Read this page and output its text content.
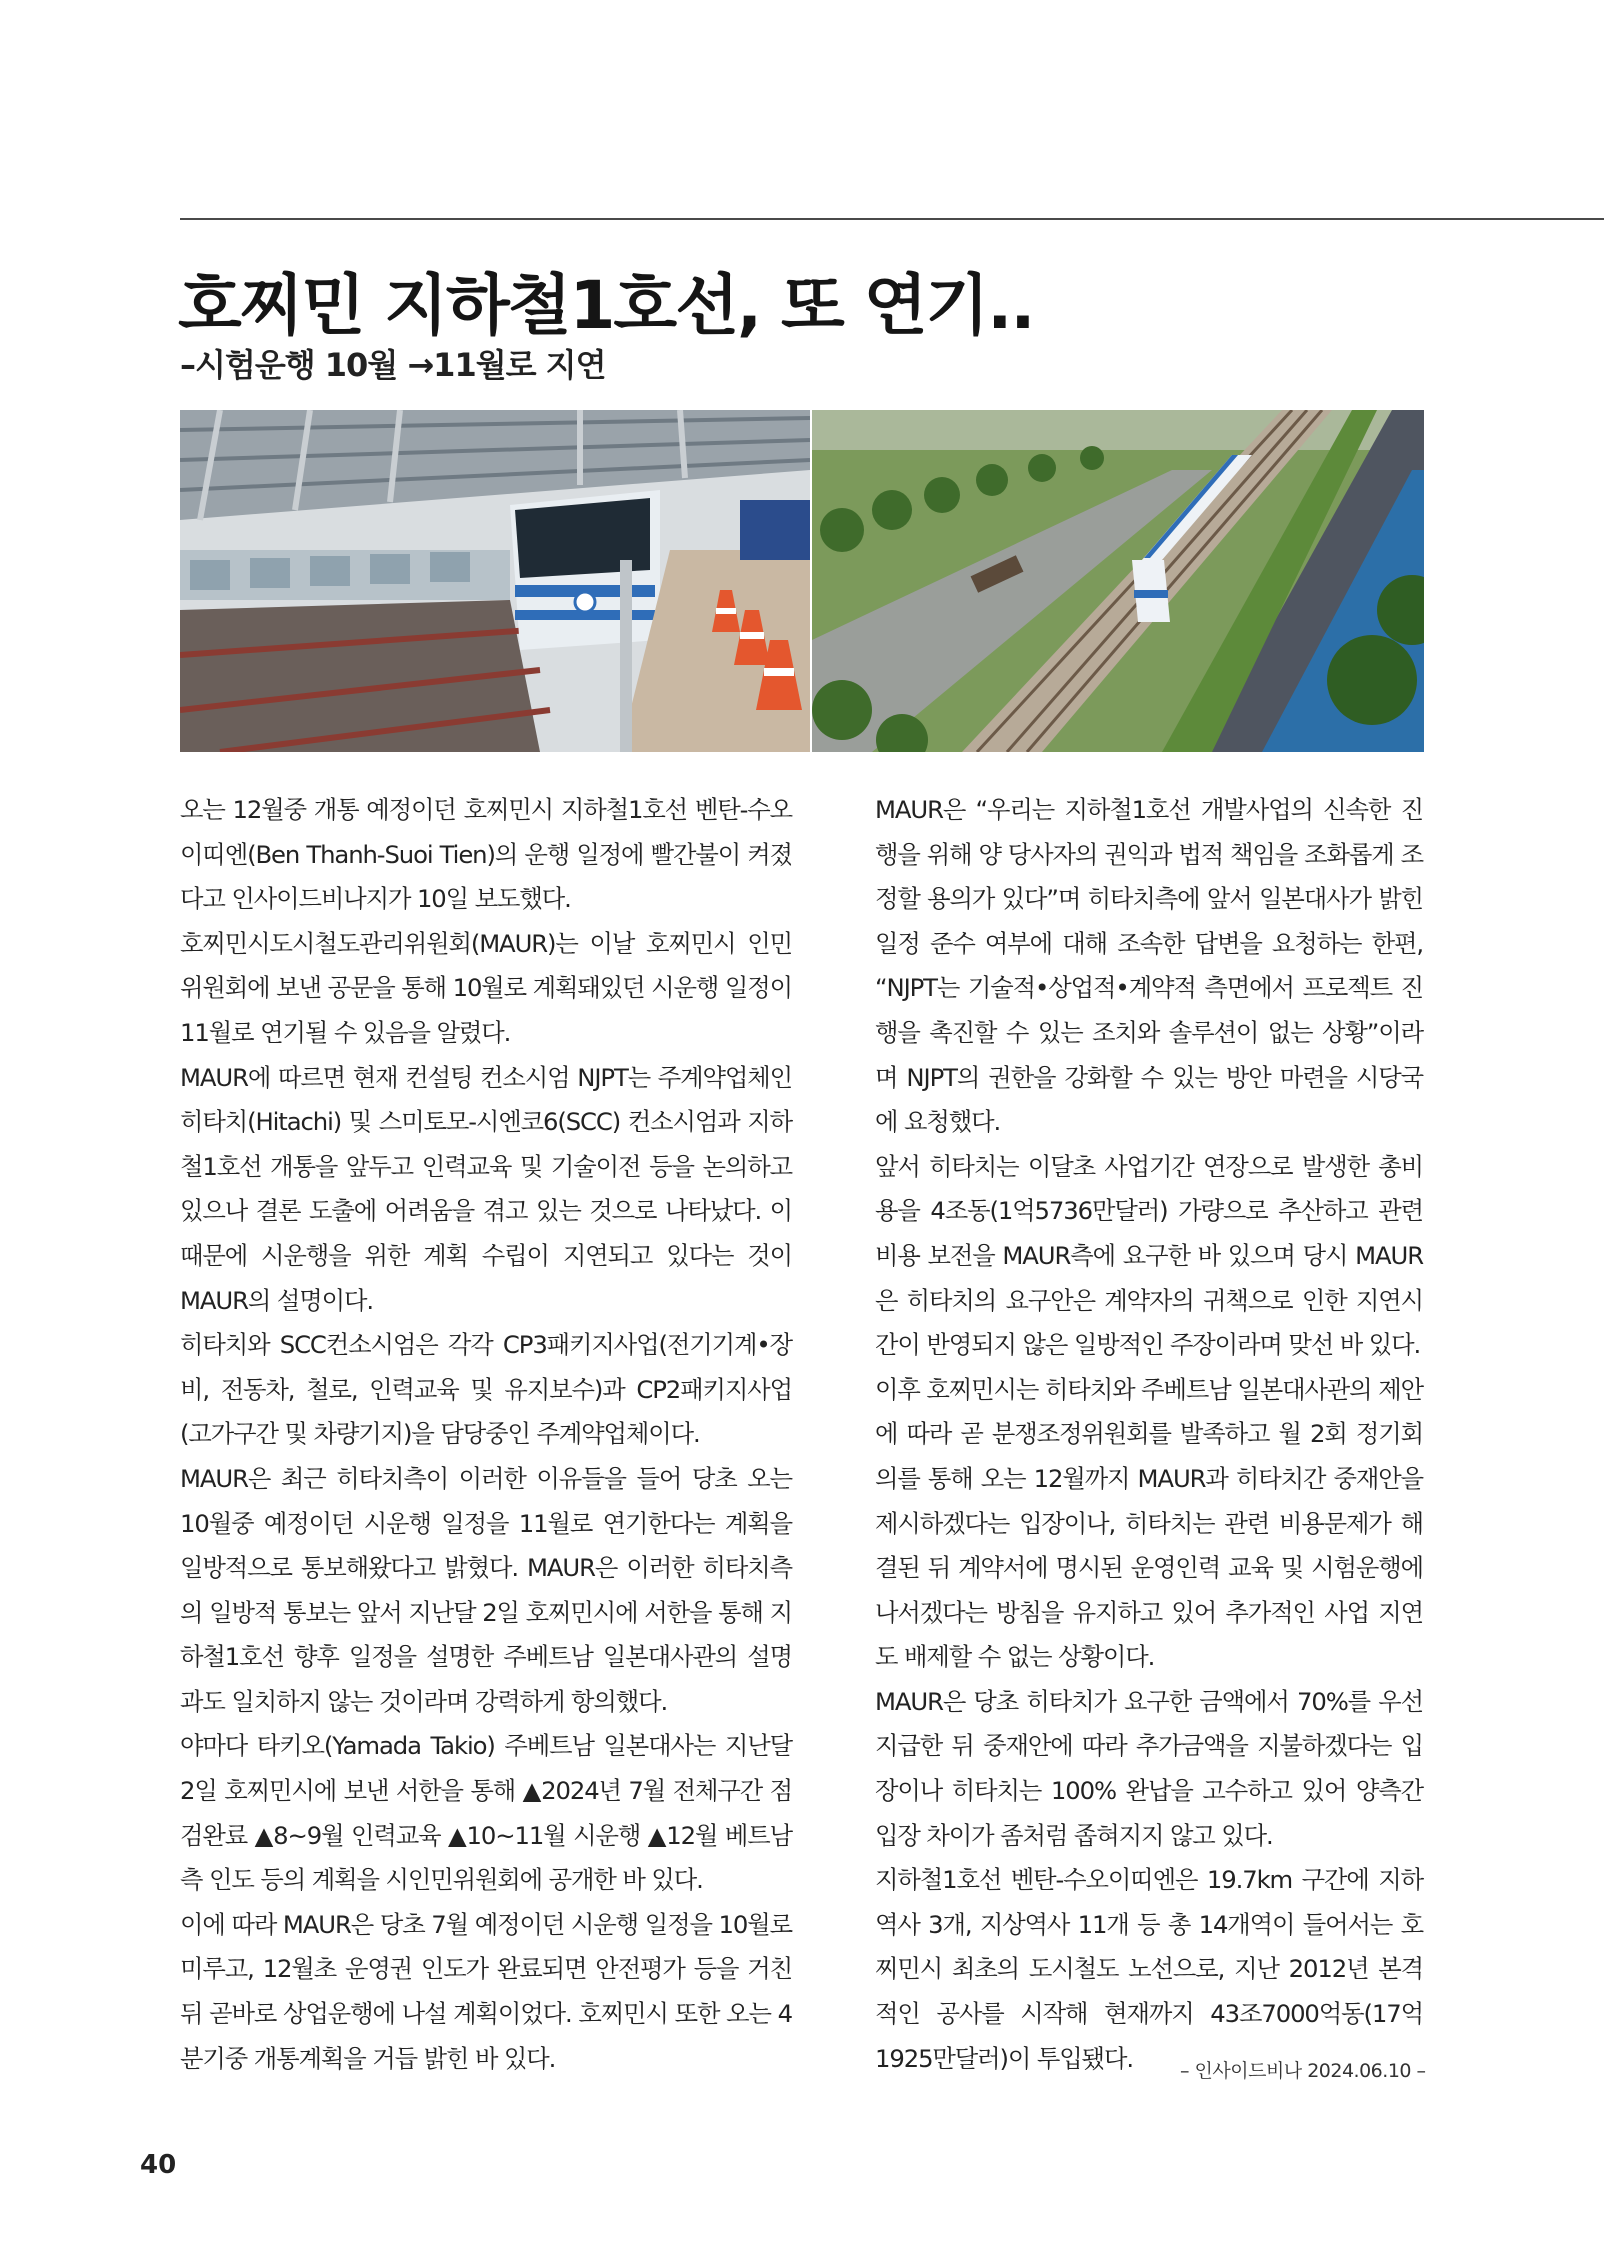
호찌민 지하철1호선, 또 연기..
–시험운행 10월 →11월로 지연

오는 12월중 개통 예정이던 호찌민시 지하철1호선 벤탄-수오이띠엔(Ben Thanh-Suoi Tien)의 운행 일정에 빨간불이 켜졌다고 인사이드비나지가 10일 보도했다.

호찌민시도시철도관리위원회(MAUR)는 이날 호찌민시 인민위원회에 보낸 공문을 통해 10월로 계획돼있던 시운행 일정이 11월로 연기될 수 있음을 알렸다.

MAUR에 따르면 현재 컨설팅 컨소시엄 NJPT는 주계약업체인 히타치(Hitachi) 및 스미토모-시엔코6(SCC) 컨소시엄과 지하철1호선 개통을 앞두고 인력교육 및 기술이전 등을 논의하고 있으나 결론 도출에 어려움을 겪고 있는 것으로 나타났다. 이 때문에 시운행을 위한 계획 수립이 지연되고 있다는 것이 MAUR의 설명이다.

히타치와 SCC컨소시엄은 각각 CP3패키지사업(전기기계•장비, 전동차, 철로, 인력교육 및 유지보수)과 CP2패키지사업(고가구간 및 차량기지)을 담당중인 주계약업체이다.

MAUR은 최근 히타치측이 이러한 이유들을 들어 당초 오는 10월중 예정이던 시운행 일정을 11월로 연기한다는 계획을 일방적으로 통보해왔다고 밝혔다. MAUR은 이러한 히타치측의 일방적 통보는 앞서 지난달 2일 호찌민시에 서한을 통해 지하철1호선 향후 일정을 설명한 주베트남 일본대사관의 설명과도 일치하지 않는 것이라며 강력하게 항의했다.

야마다 타키오(Yamada Takio) 주베트남 일본대사는 지난달 2일 호찌민시에 보낸 서한을 통해 ▲2024년 7월 전체구간 점검완료 ▲8~9월 인력교육 ▲10~11월 시운행 ▲12월 베트남측 인도 등의 계획을 시인민위원회에 공개한 바 있다.

이에 따라 MAUR은 당초 7월 예정이던 시운행 일정을 10월로 미루고, 12월초 운영권 인도가 완료되면 안전평가 등을 거친 뒤 곧바로 상업운행에 나설 계획이었다. 호찌민시 또한 오는 4분기중 개통계획을 거듭 밝힌 바 있다.

MAUR은 “우리는 지하철1호선 개발사업의 신속한 진행을 위해 양 당사자의 권익과 법적 책임을 조화롭게 조정할 용의가 있다”며 히타치측에 앞서 일본대사가 밝힌 일정 준수 여부에 대해 조속한 답변을 요청하는 한편, “NJPT는 기술적•상업적•계약적 측면에서 프로젝트 진행을 촉진할 수 있는 조치와 솔루션이 없는 상황”이라며 NJPT의 권한을 강화할 수 있는 방안 마련을 시당국에 요청했다.

앞서 히타치는 이달초 사업기간 연장으로 발생한 총비용을 4조동(1억5736만달러) 가량으로 추산하고 관련 비용 보전을 MAUR측에 요구한 바 있으며 당시 MAUR은 히타치의 요구안은 계약자의 귀책으로 인한 지연시간이 반영되지 않은 일방적인 주장이라며 맞선 바 있다.

이후 호찌민시는 히타치와 주베트남 일본대사관의 제안에 따라 곧 분쟁조정위원회를 발족하고 월 2회 정기회의를 통해 오는 12월까지 MAUR과 히타치간 중재안을 제시하겠다는 입장이나, 히타치는 관련 비용문제가 해결된 뒤 계약서에 명시된 운영인력 교육 및 시험운행에 나서겠다는 방침을 유지하고 있어 추가적인 사업 지연도 배제할 수 없는 상황이다.

MAUR은 당초 히타치가 요구한 금액에서 70%를 우선 지급한 뒤 중재안에 따라 추가금액을 지불하겠다는 입장이나 히타치는 100% 완납을 고수하고 있어 양측간 입장 차이가 좀처럼 좁혀지지 않고 있다.

지하철1호선 벤탄-수오이띠엔은 19.7km 구간에 지하역사 3개, 지상역사 11개 등 총 14개역이 들어서는 호찌민시 최초의 도시철도 노선으로, 지난 2012년 본격적인 공사를 시작해 현재까지 43조7000억동(17억1925만달러)이 투입됐다.	– 인사이드비나 2024.06.10 –

40
